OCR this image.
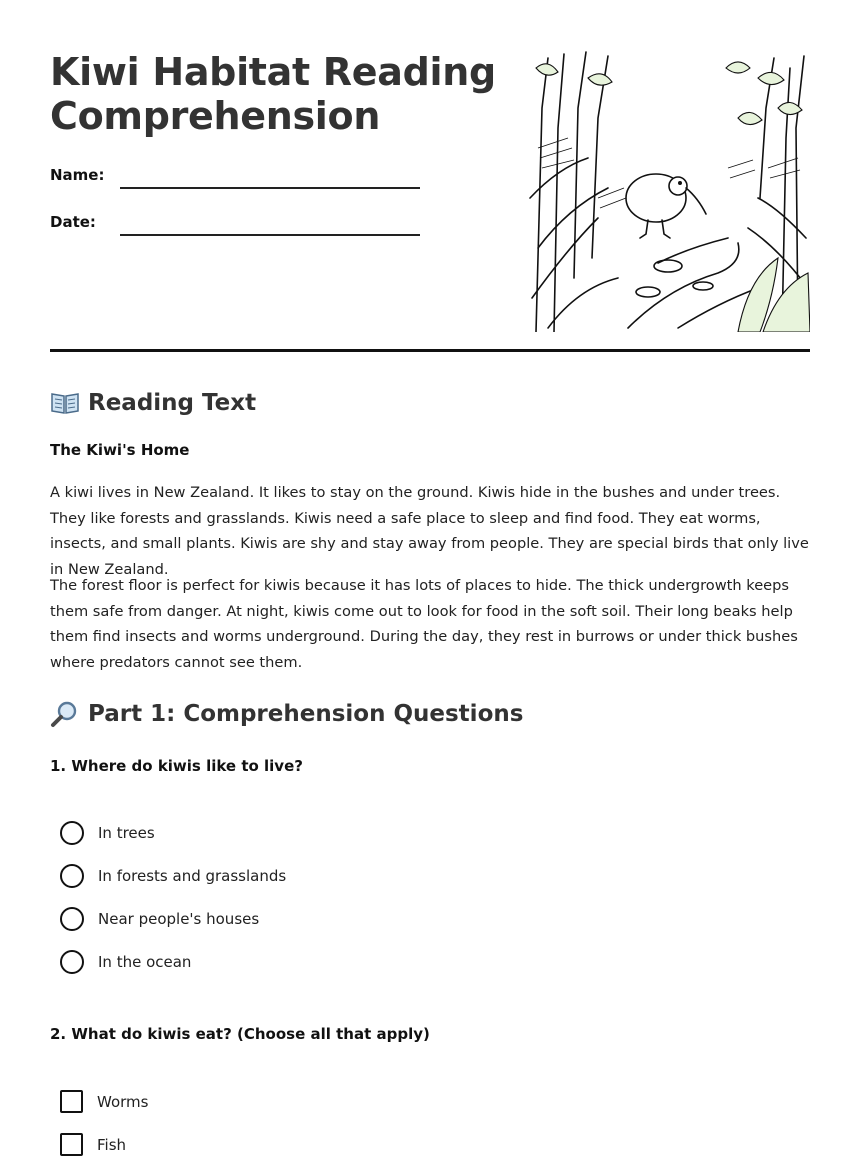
Kiwi Habitat Reading Comprehension
Name:
Date:
Reading Text
The Kiwi's Home

A kiwi lives in New Zealand. It likes to stay on the ground. Kiwis hide in the bushes and under trees. They like forests and grasslands. Kiwis need a safe place to sleep and find food. They eat worms, insects, and small plants. Kiwis are shy and stay away from people. They are special birds that only live in New Zealand.

The forest floor is perfect for kiwis because it has lots of places to hide. The thick undergrowth keeps them safe from danger. At night, kiwis come out to look for food in the soft soil. Their long beaks help them find insects and worms underground. During the day, they rest in burrows or under thick bushes where predators cannot see them.

Part 1: Comprehension Questions
1. Where do kiwis like to live?
In trees
In forests and grasslands
Near people's houses
In the ocean
2. What do kiwis eat? (Choose all that apply)
Worms
Fish
